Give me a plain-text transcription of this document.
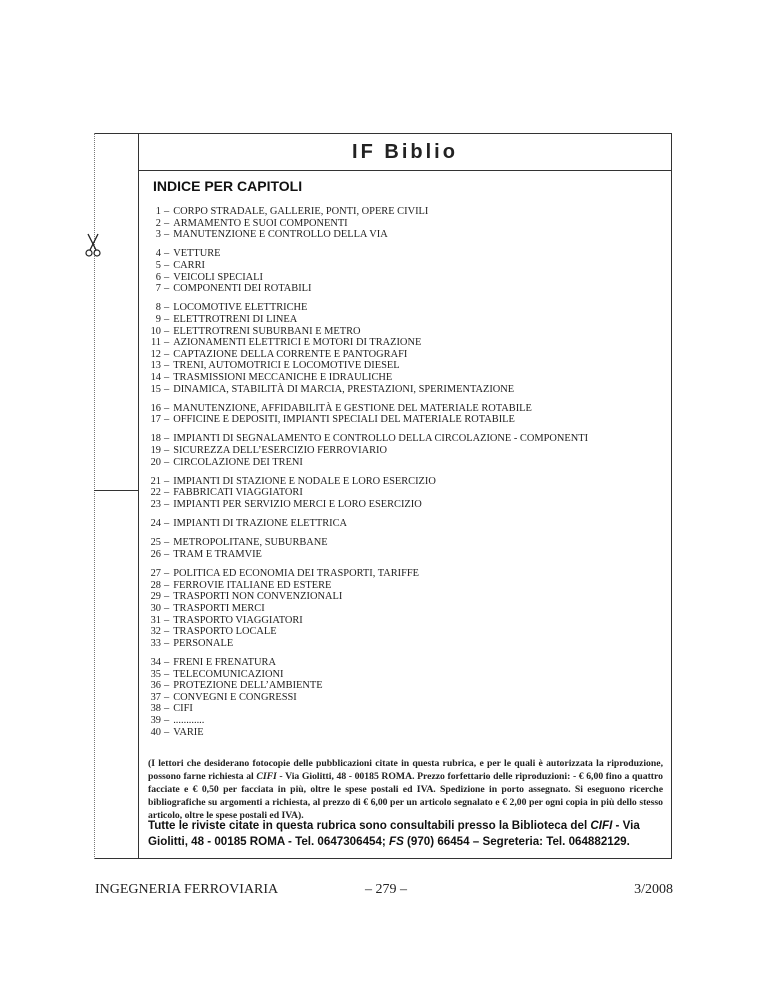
IF Biblio
INDICE PER CAPITOLI
1 – CORPO STRADALE, GALLERIE, PONTI, OPERE CIVILI
2 – ARMAMENTO E SUOI COMPONENTI
3 – MANUTENZIONE E CONTROLLO DELLA VIA
4 – VETTURE
5 – CARRI
6 – VEICOLI SPECIALI
7 – COMPONENTI DEI ROTABILI
8 – LOCOMOTIVE ELETTRICHE
9 – ELETTROTRENI DI LINEA
10 – ELETTROTRENI SUBURBANI E METRO
11 – AZIONAMENTI ELETTRICI E MOTORI DI TRAZIONE
12 – CAPTAZIONE DELLA CORRENTE E PANTOGRAFI
13 – TRENI, AUTOMOTRICI E LOCOMOTIVE DIESEL
14 – TRASMISSIONI MECCANICHE E IDRAULICHE
15 – DINAMICA, STABILITÀ DI MARCIA, PRESTAZIONI, SPERIMENTAZIONE
16 – MANUTENZIONE, AFFIDABILITÀ E GESTIONE DEL MATERIALE ROTABILE
17 – OFFICINE E DEPOSITI, IMPIANTI SPECIALI DEL MATERIALE ROTABILE
18 – IMPIANTI DI SEGNALAMENTO E CONTROLLO DELLA CIRCOLAZIONE - COMPONENTI
19 – SICUREZZA DELL’ESERCIZIO FERROVIARIO
20 – CIRCOLAZIONE DEI TRENI
21 – IMPIANTI DI STAZIONE E NODALE E LORO ESERCIZIO
22 – FABBRICATI VIAGGIATORI
23 – IMPIANTI PER SERVIZIO MERCI E LORO ESERCIZIO
24 – IMPIANTI DI TRAZIONE ELETTRICA
25 – METROPOLITANE, SUBURBANE
26 – TRAM E TRAMVIE
27 – POLITICA ED ECONOMIA DEI TRASPORTI, TARIFFE
28 – FERROVIE ITALIANE ED ESTERE
29 – TRASPORTI NON CONVENZIONALI
30 – TRASPORTI MERCI
31 – TRASPORTO VIAGGIATORI
32 – TRASPORTO LOCALE
33 – PERSONALE
34 – FRENI E FRENATURA
35 – TELECOMUNICAZIONI
36 – PROTEZIONE DELL’AMBIENTE
37 – CONVEGNI E CONGRESSI
38 – CIFI
39 – ............
40 – VARIE
(I lettori che desiderano fotocopie delle pubblicazioni citate in questa rubrica, e per le quali è autorizzata la riproduzione, possono farne richiesta al CIFI - Via Giolitti, 48 - 00185 ROMA. Prezzo forfettario delle riproduzioni: - € 6,00 fino a quattro facciate e € 0,50 per facciata in più, oltre le spese postali ed IVA. Spedizione in porto assegnato. Si eseguono ricerche bibliografiche su argomenti a richiesta, al prezzo di € 6,00 per un articolo segnalato e € 2,00 per ogni copia in più dello stesso articolo, oltre le spese postali ed IVA).
Tutte le riviste citate in questa rubrica sono consultabili presso la Biblioteca del CIFI - Via Giolitti, 48 - 00185 ROMA - Tel. 0647306454; FS (970) 66454 – Segreteria: Tel. 064882129.
INGEGNERIA FERROVIARIA	– 279 –	3/2008
